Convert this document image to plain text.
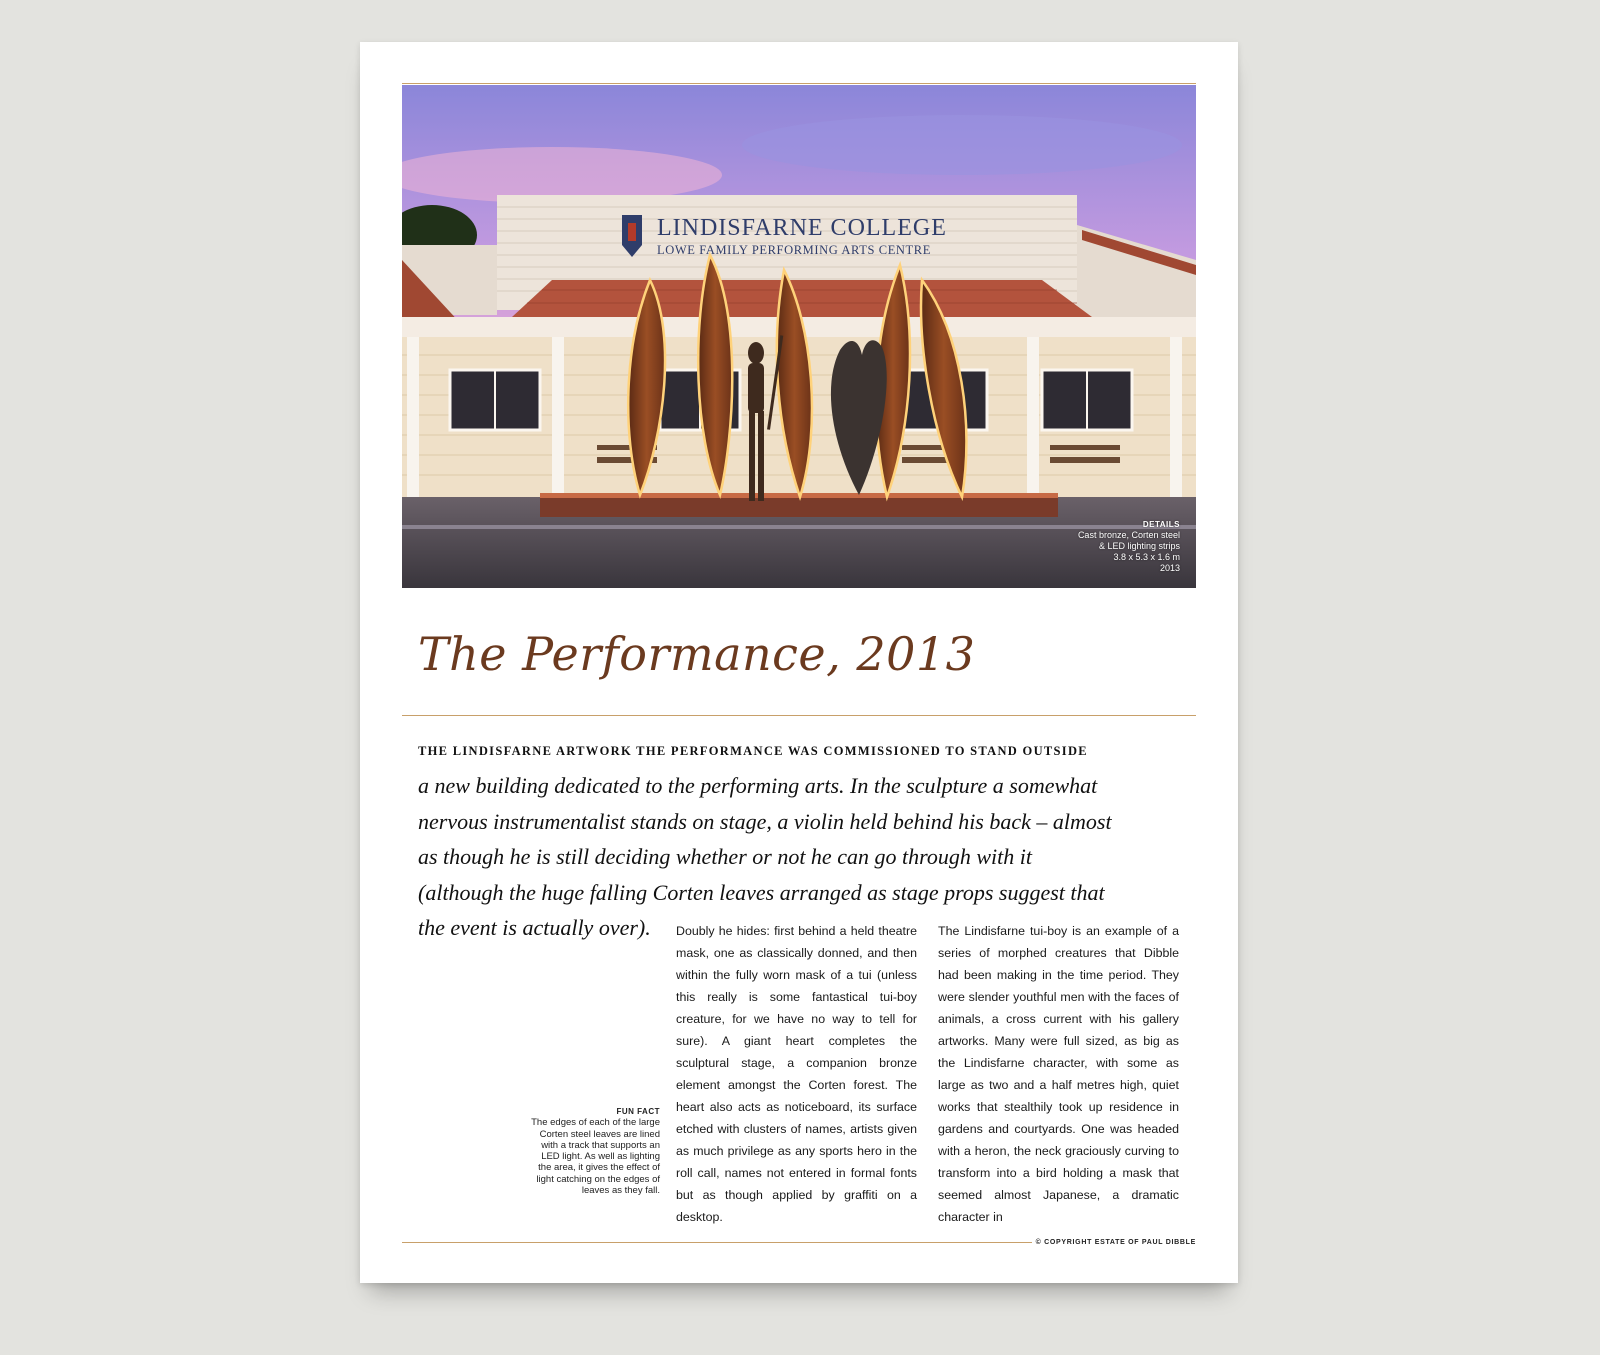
LINDISFARNE COLLEGE
LOWE FAMILY PERFORMING ARTS CENTRE
DETAILS
Cast bronze, Corten steel
& LED lighting strips
3.8 x 5.3 x 1.6 m
2013
The Performance, 2013
THE LINDISFARNE ARTWORK THE PERFORMANCE WAS COMMISSIONED TO STAND OUTSIDE
a new building dedicated to the performing arts. In the sculpture a somewhat
nervous instrumentalist stands on stage, a violin held behind his back – almost
as though he is still deciding whether or not he can go through with it
(although the huge falling Corten leaves arranged as stage props suggest that
the event is actually over).	Doubly he hides: first behind a held theatre mask, one as classically donned, and then within the fully worn mask of a tui (unless this really is some fantastical tui-boy creature, for we have no way to tell for sure). A giant heart completes the sculptural stage, a companion bronze element amongst the Corten forest. The heart also acts as noticeboard, its surface etched with clusters of names, artists given as much privilege as any sports hero in the roll call, names not entered in formal fonts but as though applied by graffiti on a desktop.
The Lindisfarne tui-boy is an example of a series of morphed creatures that Dibble had been making in the time period. They were slender youthful men with the faces of animals, a cross current with his gallery artworks. Many were full sized, as big as the Lindisfarne character, with some as large as two and a half metres high, quiet works that stealthily took up residence in gardens and courtyards. One was headed with a heron, the neck graciously curving to transform into a bird holding a mask that seemed almost Japanese, a dramatic character in
FUN FACT
The edges of each of the large
Corten steel leaves are lined
with a track that supports an
LED light. As well as lighting
the area, it gives the effect of
light catching on the edges of
leaves as they fall.
© COPYRIGHT ESTATE OF PAUL DIBBLE
